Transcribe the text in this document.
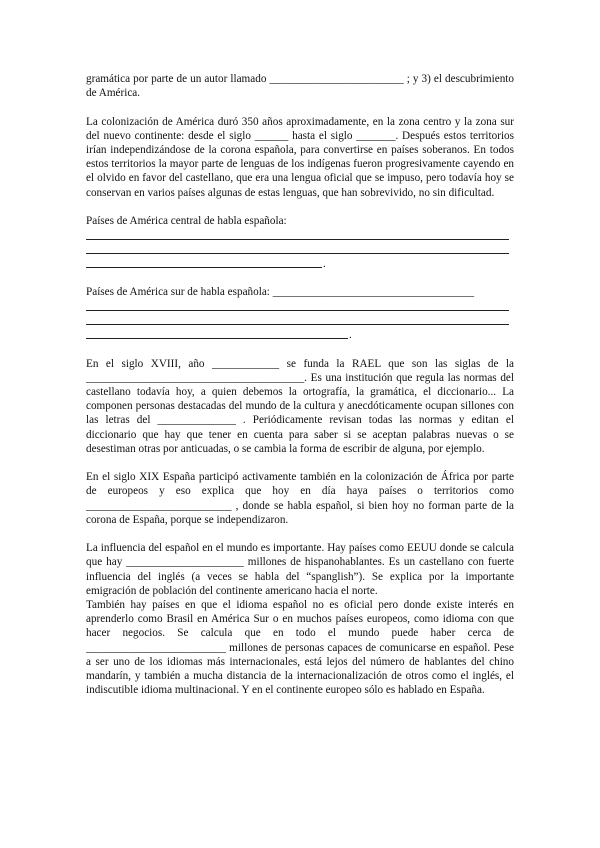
gramática por parte de un autor llamado ________________________ ; y 3) el descubrimiento de América.

La colonización de América duró 350 años aproximadamente, en la zona centro y la zona sur del nuevo continente: desde el siglo ______ hasta el siglo _______. Después estos territorios irían independizándose de la corona española, para convertirse en países soberanos. En todos estos territorios la mayor parte de lenguas de los indígenas fueron progresivamente cayendo en el olvido en favor del castellano, que era una lengua oficial que se impuso, pero todavía hoy se conservan en varios países algunas de estas lenguas, que han sobrevivido, no sin dificultad.

Países de América central de habla española:

.

Países de América sur de habla española: ____________________________________

.

En el siglo XVIII, año ____________ se funda la RAEL que son las siglas de la _______________________________________. Es una institución que regula las normas del castellano todavía hoy, a quien debemos la ortografía, la gramática, el diccionario... La componen personas destacadas del mundo de la cultura y anecdóticamente ocupan sillones con las letras del ______________ . Periódicamente revisan todas las normas y editan el diccionario que hay que tener en cuenta para saber si se aceptan palabras nuevas o se desestiman otras por anticuadas, o se cambia la forma de escribir de alguna, por ejemplo.

En el siglo XIX España participó activamente también en la colonización de África por parte de europeos y eso explica que hoy en día haya países o territorios como __________________________ , donde se habla español, si bien hoy no forman parte de la corona de España, porque se independizaron.

La influencia del español en el mundo es importante. Hay países como EEUU donde se calcula que hay _____________________ millones de hispanohablantes. Es un castellano con fuerte influencia del inglés (a veces se habla del “spanglish”). Se explica por la importante emigración de población del continente americano hacia el norte.

También hay países en que el idioma español no es oficial pero donde existe interés en aprenderlo como Brasil en América Sur o en muchos países europeos, como idioma con que hacer negocios. Se calcula que en todo el mundo puede haber cerca de _________________________ millones de personas capaces de comunicarse en español. Pese a ser uno de los idiomas más internacionales, está lejos del número de hablantes del chino mandarín, y también a mucha distancia de la internacionalización de otros como el inglés, el indiscutible idioma multinacional. Y en el continente europeo sólo es hablado en España.
